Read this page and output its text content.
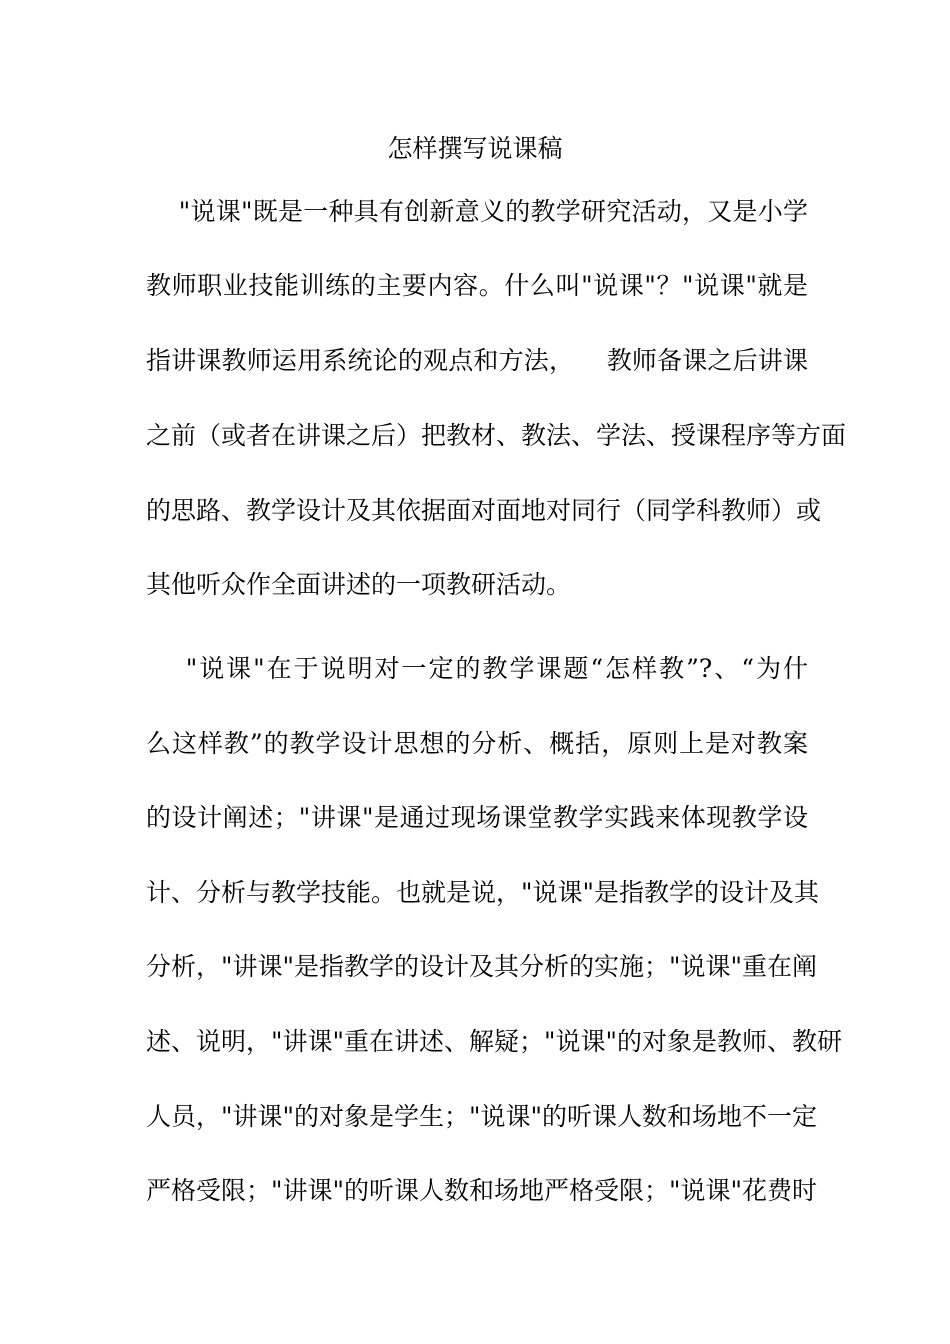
怎样撰写说课稿
"说课"既是一种具有创新意义的教学研究活动，又是小学
教师职业技能训练的主要内容。什么叫"说课"？"说课"就是
指讲课教师运用系统论的观点和方法，    教师备课之后讲课
之前（或者在讲课之后）把教材、教法、学法、授课程序等方面
的思路、教学设计及其依据面对面地对同行（同学科教师）或
其他听众作全面讲述的一项教研活动。
"说课"在于说明对一定的教学课题“怎样教”?、“为什
么这样教”的教学设计思想的分析、概括，原则上是对教案
的设计阐述；"讲课"是通过现场课堂教学实践来体现教学设
计、分析与教学技能。也就是说，"说课"是指教学的设计及其
分析，"讲课"是指教学的设计及其分析的实施；"说课"重在阐
述、说明，"讲课"重在讲述、解疑；"说课"的对象是教师、教研
人员，"讲课"的对象是学生；"说课"的听课人数和场地不一定
严格受限；"讲课"的听课人数和场地严格受限；"说课"花费时
